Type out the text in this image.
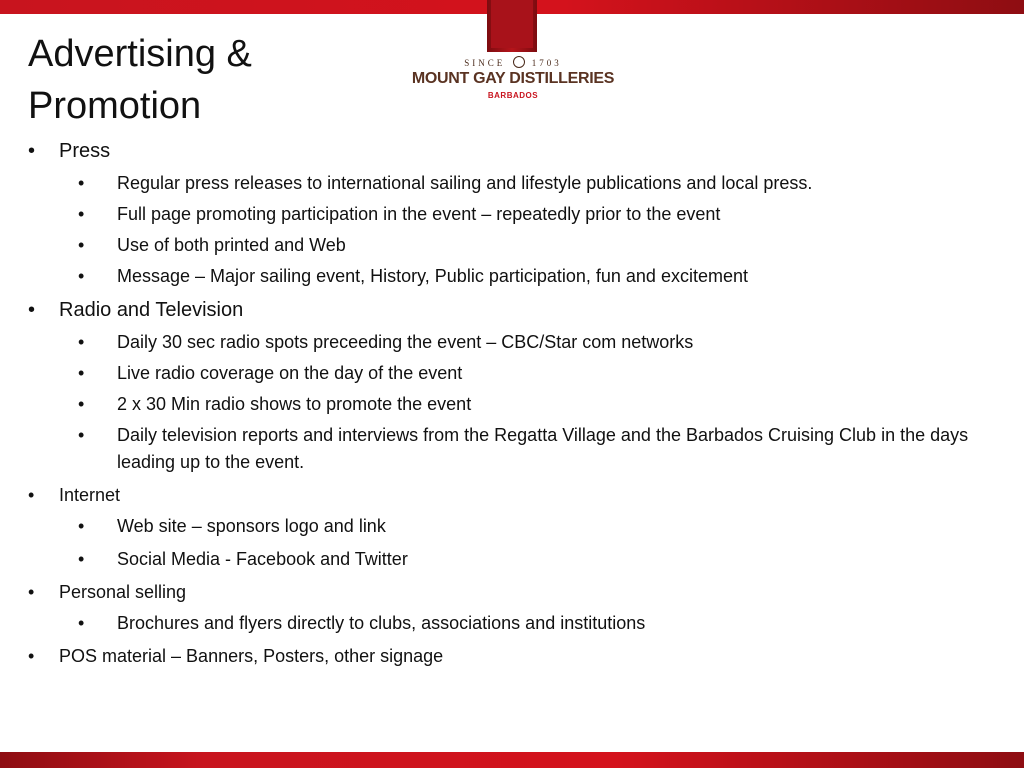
Advertising & Promotion
SINCE	1703
MOUNT GAY DISTILLERIES
BARBADOS
• Press
• Regular press releases to international sailing and lifestyle publications and local press.
• Full page promoting participation in the event – repeatedly prior to the event
• Use of both printed and Web
• Message – Major sailing event, History, Public participation, fun and excitement
• Radio and Television
• Daily 30 sec radio spots preceeding the event – CBC/Star com networks
• Live radio coverage on the day of the event
• 2 x 30 Min radio shows to promote the event
• Daily television reports and interviews from the Regatta Village and the Barbados Cruising Club in the days leading up to the event.
• Internet
• Web site – sponsors logo and link
• Social Media - Facebook and Twitter
• Personal selling
• Brochures and flyers directly to clubs, associations and institutions
• POS material – Banners, Posters, other signage
